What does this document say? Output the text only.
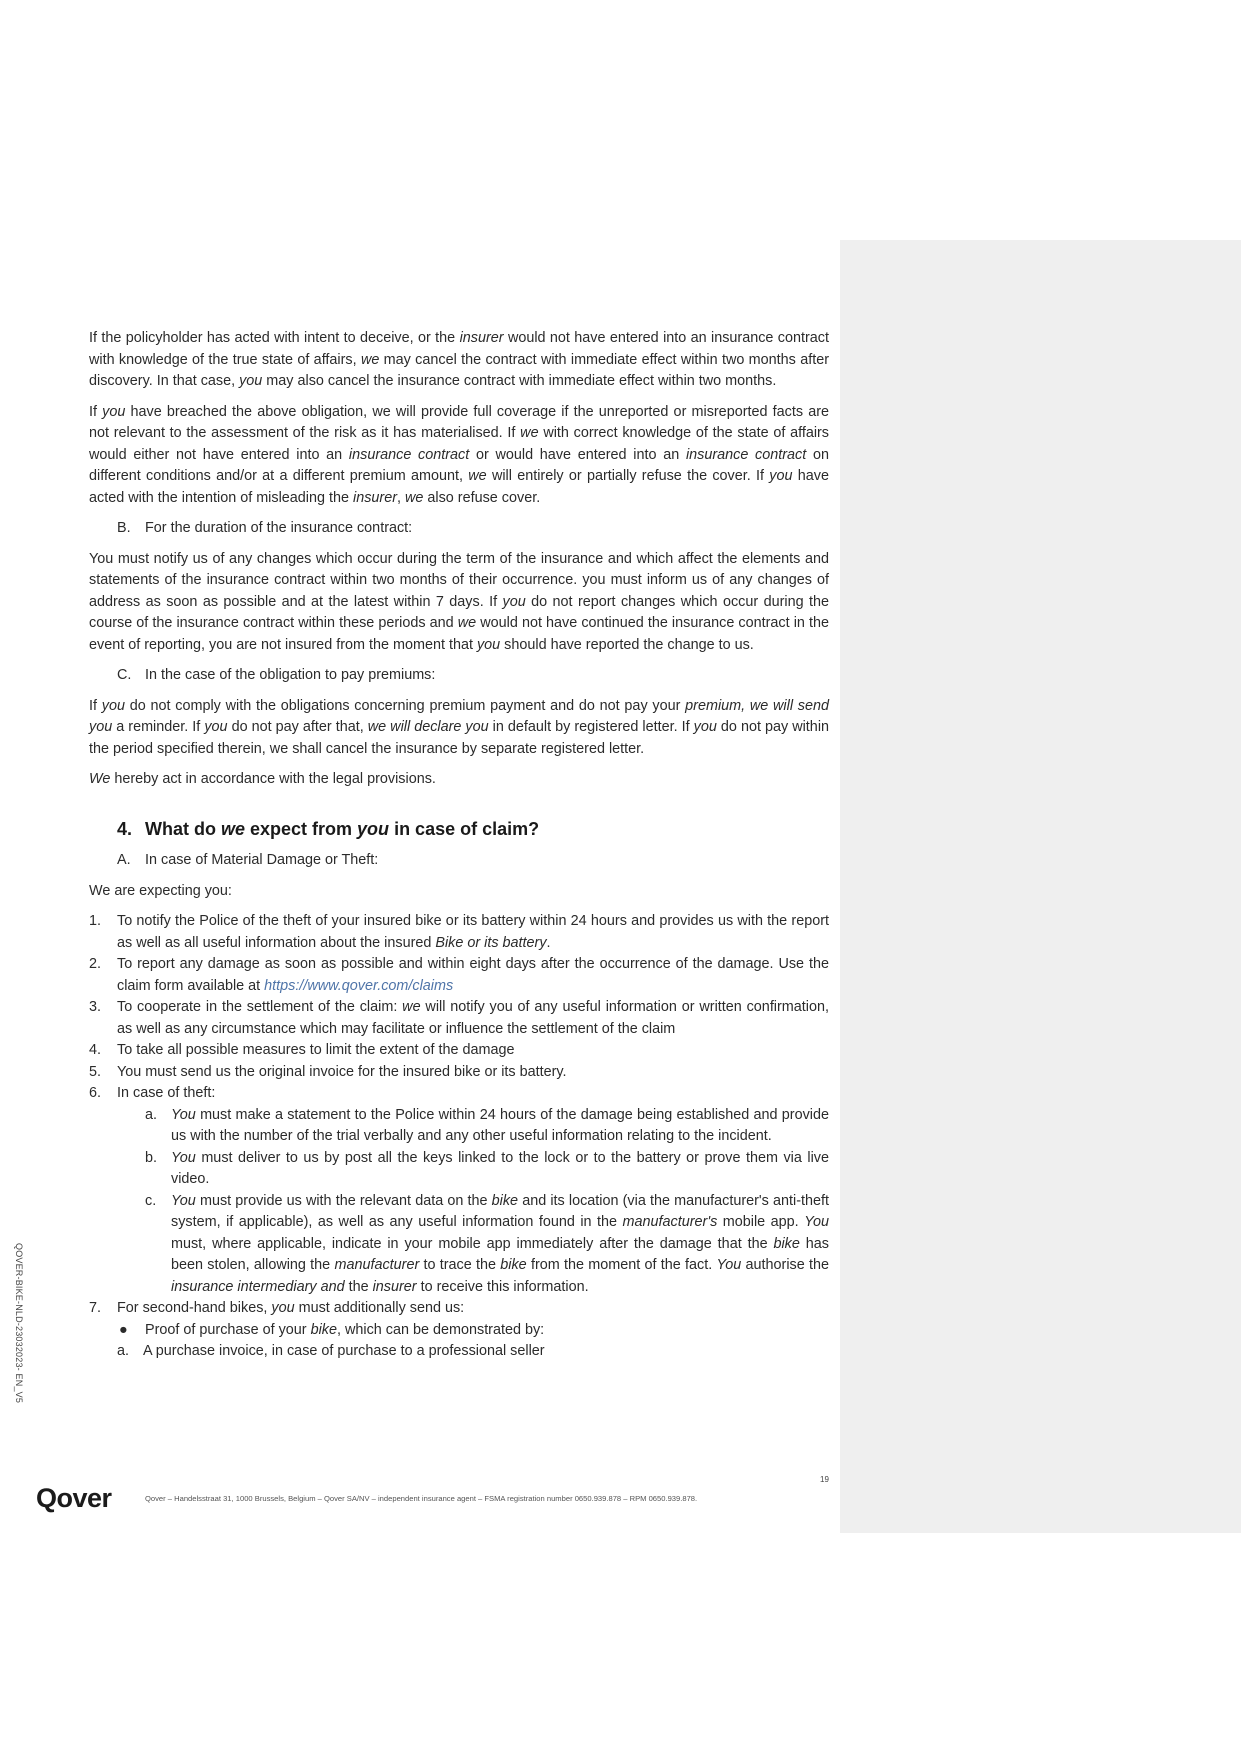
If the policyholder has acted with intent to deceive, or the insurer would not have entered into an insurance contract with knowledge of the true state of affairs, we may cancel the contract with immediate effect within two months after discovery. In that case, you may also cancel the insurance contract with immediate effect within two months.

If you have breached the above obligation, we will provide full coverage if the unreported or misreported facts are not relevant to the assessment of the risk as it has materialised. If we with correct knowledge of the state of affairs would either not have entered into an insurance contract or would have entered into an insurance contract on different conditions and/or at a different premium amount, we will entirely or partially refuse the cover. If you have acted with the intention of misleading the insurer, we also refuse cover.

B. For the duration of the insurance contract:

You must notify us of any changes which occur during the term of the insurance and which affect the elements and statements of the insurance contract within two months of their occurrence. you must inform us of any changes of address as soon as possible and at the latest within 7 days. If you do not report changes which occur during the course of the insurance contract within these periods and we would not have continued the insurance contract in the event of reporting, you are not insured from the moment that you should have reported the change to us.

C. In the case of the obligation to pay premiums:

If you do not comply with the obligations concerning premium payment and do not pay your premium, we will send you a reminder. If you do not pay after that, we will declare you in default by registered letter. If you do not pay within the period specified therein, we shall cancel the insurance by separate registered letter.

We hereby act in accordance with the legal provisions.

4. What do we expect from you in case of claim?
A. In case of Material Damage or Theft:

We are expecting you:

1. To notify the Police of the theft of your insured bike or its battery within 24 hours and provides us with the report as well as all useful information about the insured Bike or its battery.
2. To report any damage as soon as possible and within eight days after the occurrence of the damage. Use the claim form available at https://www.qover.com/claims
3. To cooperate in the settlement of the claim: we will notify you of any useful information or written confirmation, as well as any circumstance which may facilitate or influence the settlement of the claim
4. To take all possible measures to limit the extent of the damage
5. You must send us the original invoice for the insured bike or its battery.
6. In case of theft:
a. You must make a statement to the Police within 24 hours of the damage being established and provide us with the number of the trial verbally and any other useful information relating to the incident.
b. You must deliver to us by post all the keys linked to the lock or to the battery or prove them via live video.
c. You must provide us with the relevant data on the bike and its location (via the manufacturer's anti-theft system, if applicable), as well as any useful information found in the manufacturer's mobile app. You must, where applicable, indicate in your mobile app immediately after the damage that the bike has been stolen, allowing the manufacturer to trace the bike from the moment of the fact. You authorise the insurance intermediary and the insurer to receive this information.
7. For second-hand bikes, you must additionally send us:
● Proof of purchase of your bike, which can be demonstrated by:
a. A purchase invoice, in case of purchase to a professional seller
QOVER-BIKE-NLD-23032023- EN_V5
19
Qover	Qover – Handelsstraat 31, 1000 Brussels, Belgium – Qover SA/NV – independent insurance agent – FSMA registration number 0650.939.878 – RPM 0650.939.878.
